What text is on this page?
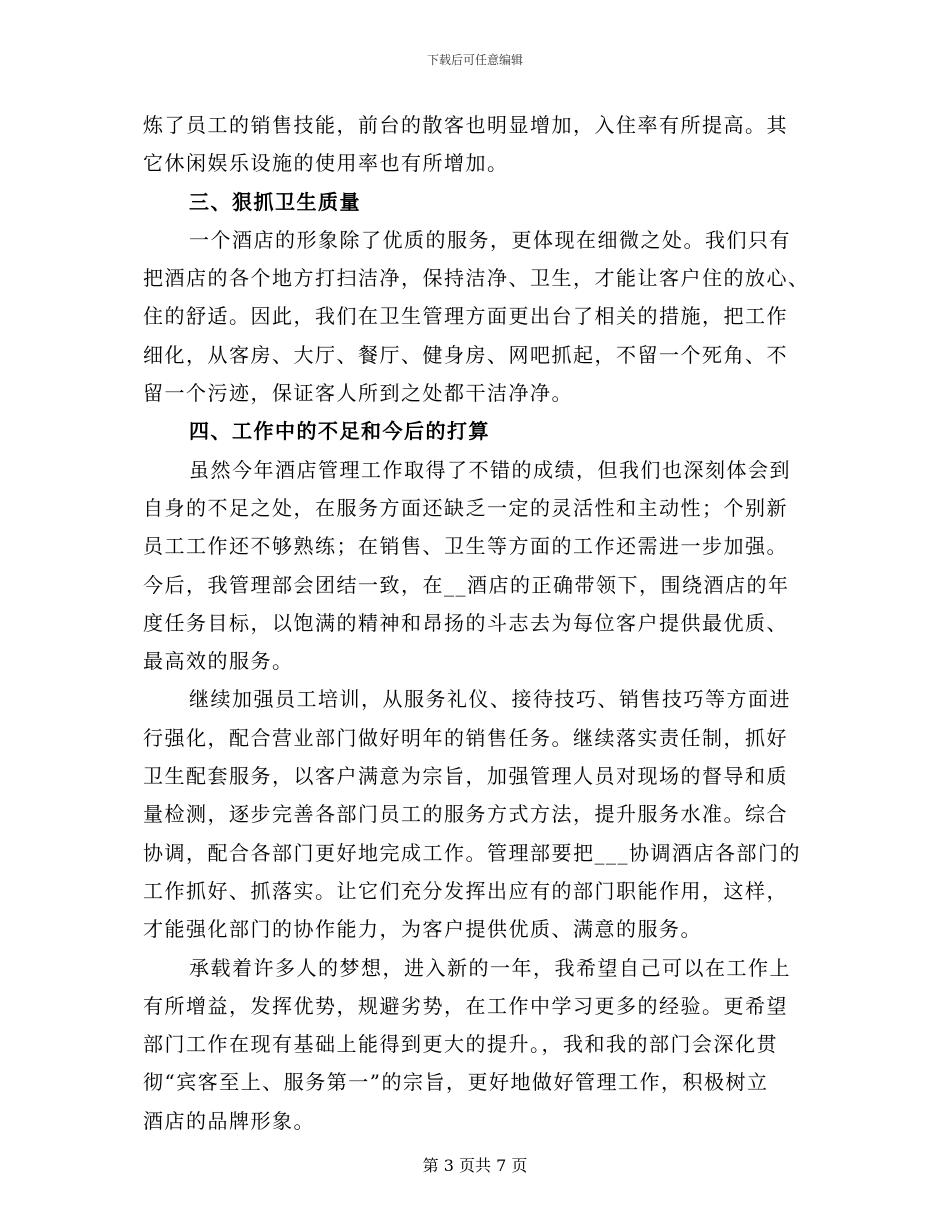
下载后可任意编辑
炼了员工的销售技能，前台的散客也明显增加，入住率有所提高。其
它休闲娱乐设施的使用率也有所增加。
三、狠抓卫生质量
一个酒店的形象除了优质的服务，更体现在细微之处。我们只有
把酒店的各个地方打扫洁净，保持洁净、卫生，才能让客户住的放心、
住的舒适。因此，我们在卫生管理方面更出台了相关的措施，把工作
细化，从客房、大厅、餐厅、健身房、网吧抓起，不留一个死角、不
留一个污迹，保证客人所到之处都干洁净净。
四、工作中的不足和今后的打算
虽然今年酒店管理工作取得了不错的成绩，但我们也深刻体会到
自身的不足之处，在服务方面还缺乏一定的灵活性和主动性；个别新
员工工作还不够熟练；在销售、卫生等方面的工作还需进一步加强。
今后，我管理部会团结一致，在__酒店的正确带领下，围绕酒店的年
度任务目标，以饱满的精神和昂扬的斗志去为每位客户提供最优质、
最高效的服务。
继续加强员工培训，从服务礼仪、接待技巧、销售技巧等方面进
行强化，配合营业部门做好明年的销售任务。继续落实责任制，抓好
卫生配套服务，以客户满意为宗旨，加强管理人员对现场的督导和质
量检测，逐步完善各部门员工的服务方式方法，提升服务水准。综合
协调，配合各部门更好地完成工作。管理部要把___协调酒店各部门的
工作抓好、抓落实。让它们充分发挥出应有的部门职能作用，这样，
才能强化部门的协作能力，为客户提供优质、满意的服务。
承载着许多人的梦想，进入新的一年，我希望自己可以在工作上
有所增益，发挥优势，规避劣势，在工作中学习更多的经验。更希望
部门工作在现有基础上能得到更大的提升。，我和我的部门会深化贯
彻“宾客至上、服务第一”的宗旨，更好地做好管理工作，积极树立
酒店的品牌形象。
第 3 页共 7 页
